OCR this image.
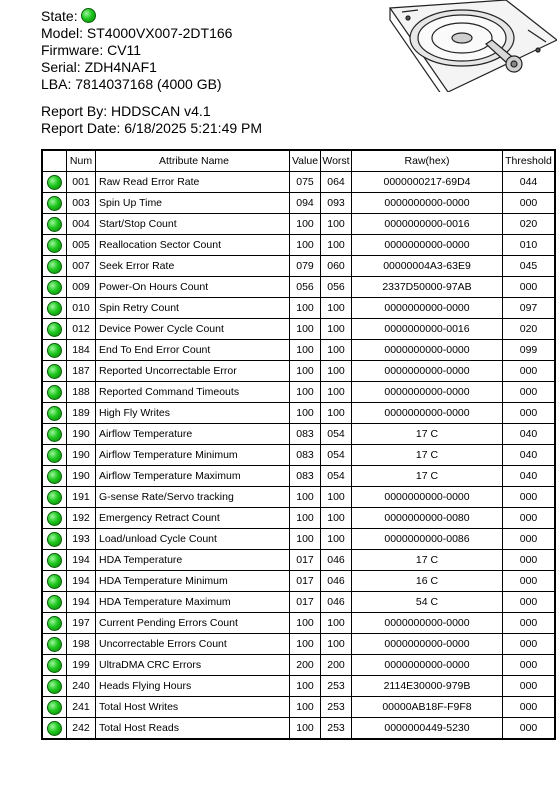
State:
Model: ST4000VX007-2DT166
Firmware: CV11
Serial: ZDH4NAF1
LBA: 7814037168 (4000 GB)
Report By: HDDSCAN v4.1
Report Date: 6/18/2025 5:21:49 PM
	Num	Attribute Name	Value	Worst	Raw(hex)	Threshold
	001	Raw Read Error Rate	075	064	0000000217-69D4	044
	003	Spin Up Time	094	093	0000000000-0000	000
	004	Start/Stop Count	100	100	0000000000-0016	020
	005	Reallocation Sector Count	100	100	0000000000-0000	010
	007	Seek Error Rate	079	060	00000004A3-63E9	045
	009	Power-On Hours Count	056	056	2337D50000-97AB	000
	010	Spin Retry Count	100	100	0000000000-0000	097
	012	Device Power Cycle Count	100	100	0000000000-0016	020
	184	End To End Error Count	100	100	0000000000-0000	099
	187	Reported Uncorrectable Error	100	100	0000000000-0000	000
	188	Reported Command Timeouts	100	100	0000000000-0000	000
	189	High Fly Writes	100	100	0000000000-0000	000
	190	Airflow Temperature	083	054	17 C	040
	190	Airflow Temperature Minimum	083	054	17 C	040
	190	Airflow Temperature Maximum	083	054	17 C	040
	191	G-sense Rate/Servo tracking	100	100	0000000000-0000	000
	192	Emergency Retract Count	100	100	0000000000-0080	000
	193	Load/unload Cycle Count	100	100	0000000000-0086	000
	194	HDA Temperature	017	046	17 C	000
	194	HDA Temperature Minimum	017	046	16 C	000
	194	HDA Temperature Maximum	017	046	54 C	000
	197	Current Pending Errors Count	100	100	0000000000-0000	000
	198	Uncorrectable Errors Count	100	100	0000000000-0000	000
	199	UltraDMA CRC Errors	200	200	0000000000-0000	000
	240	Heads Flying Hours	100	253	2114E30000-979B	000
	241	Total Host Writes	100	253	00000AB18F-F9F8	000
	242	Total Host Reads	100	253	0000000449-5230	000
